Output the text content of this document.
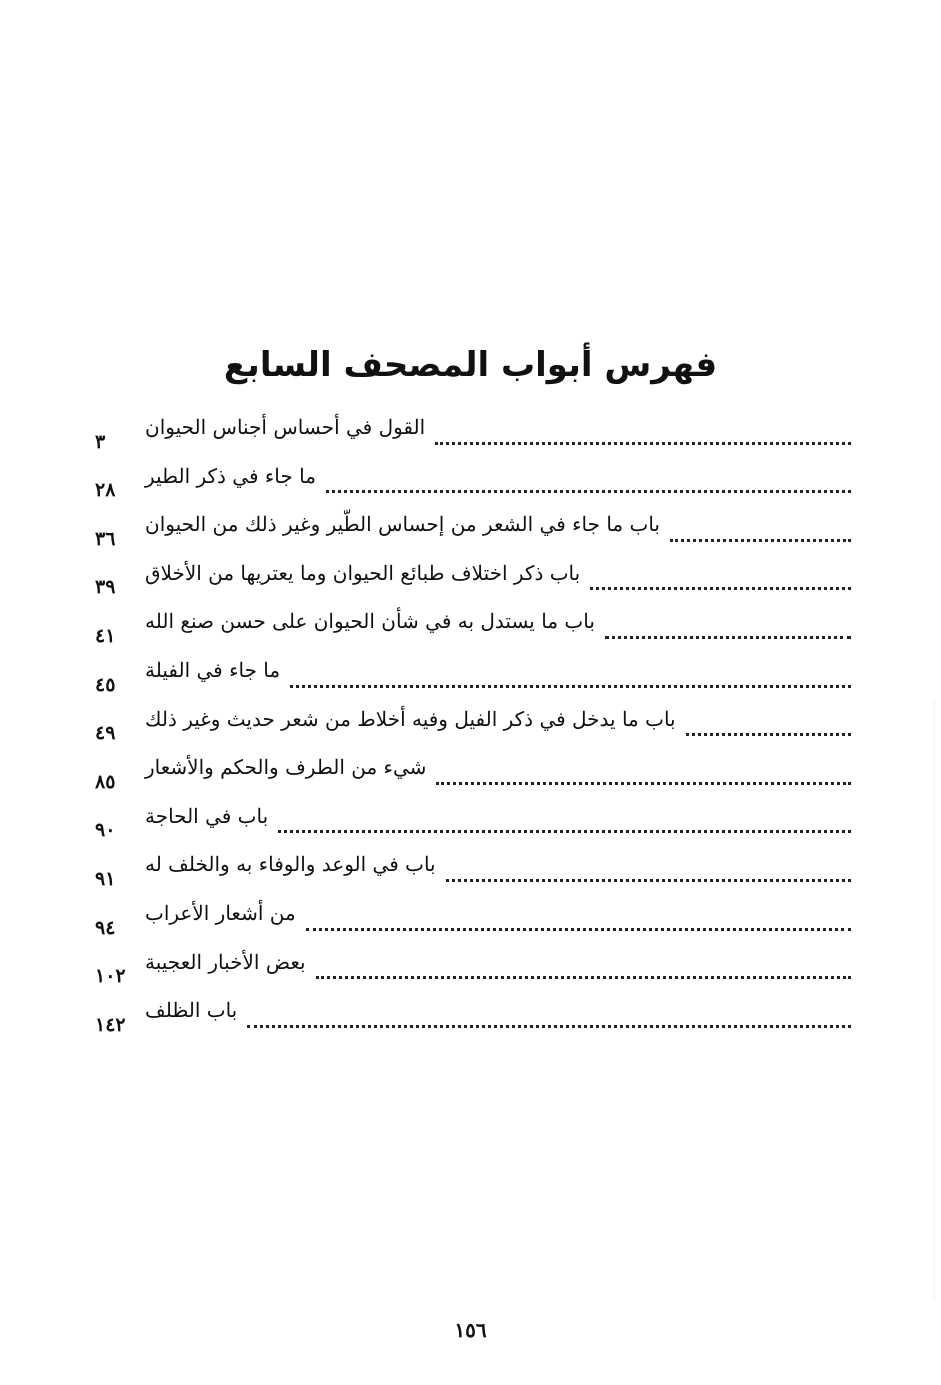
فهرس أبواب المصحف السابع
٣
القول في أحساس أجناس الحيوان
٢٨
ما جاء في ذكر الطير
٣٦
باب ما جاء في الشعر من إحساس الطّير وغير ذلك من الحيوان
٣٩
باب ذكر اختلاف طبائع الحيوان وما يعتريها من الأخلاق
٤١
باب ما يستدل به في شأن الحيوان على حسن صنع الله
٤٥
ما جاء في الفيلة
٤٩
باب ما يدخل في ذكر الفيل وفيه أخلاط من شعر حديث وغير ذلك
٨٥
شيء من الطرف والحكم والأشعار
٩٠
باب في الحاجة
٩١
باب في الوعد والوفاء به والخلف له
٩٤
من أشعار الأعراب
١٠٢
بعض الأخبار العجيبة
١٤٢
باب الظلف
١٥٦
